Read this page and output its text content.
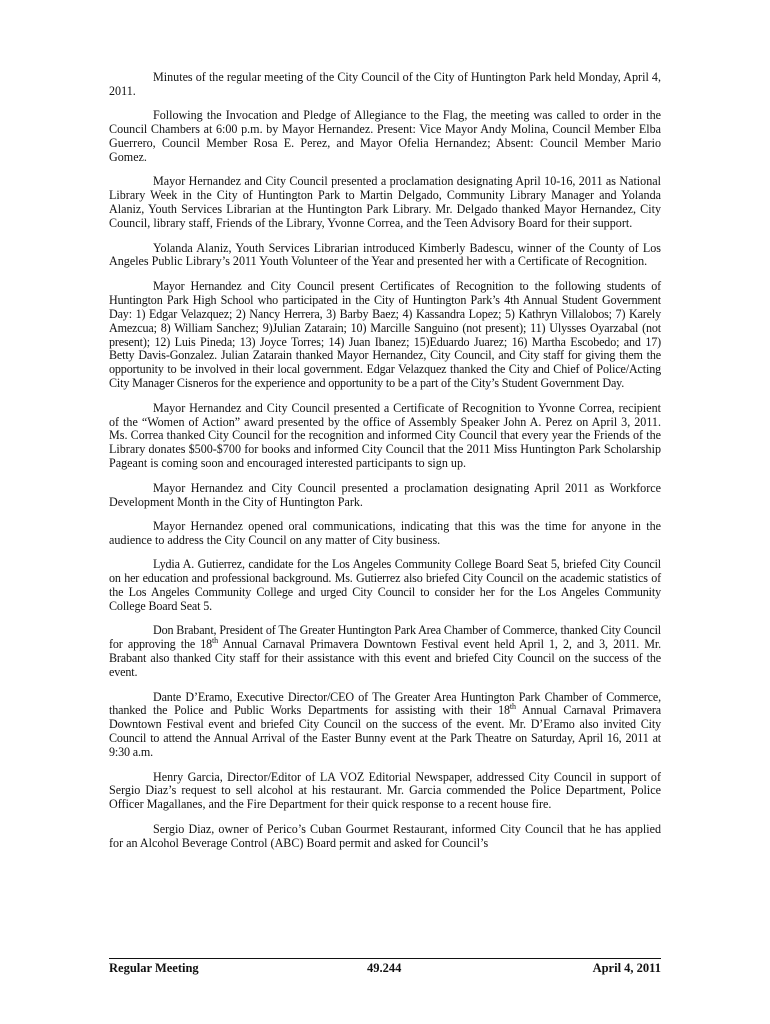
Minutes of the regular meeting of the City Council of the City of Huntington Park held Monday, April 4, 2011.

Following the Invocation and Pledge of Allegiance to the Flag, the meeting was called to order in the Council Chambers at 6:00 p.m. by Mayor Hernandez. Present: Vice Mayor Andy Molina, Council Member Elba Guerrero, Council Member Rosa E. Perez, and Mayor Ofelia Hernandez; Absent: Council Member Mario Gomez.

Mayor Hernandez and City Council presented a proclamation designating April 10-16, 2011 as National Library Week in the City of Huntington Park to Martin Delgado, Community Library Manager and Yolanda Alaniz, Youth Services Librarian at the Huntington Park Library. Mr. Delgado thanked Mayor Hernandez, City Council, library staff, Friends of the Library, Yvonne Correa, and the Teen Advisory Board for their support.

Yolanda Alaniz, Youth Services Librarian introduced Kimberly Badescu, winner of the County of Los Angeles Public Library’s 2011 Youth Volunteer of the Year and presented her with a Certificate of Recognition.

Mayor Hernandez and City Council present Certificates of Recognition to the following students of Huntington Park High School who participated in the City of Huntington Park’s 4th Annual Student Government Day: 1) Edgar Velazquez; 2) Nancy Herrera, 3) Barby Baez; 4) Kassandra Lopez; 5) Kathryn Villalobos; 7) Karely Amezcua; 8) William Sanchez; 9)Julian Zatarain; 10) Marcille Sanguino (not present); 11) Ulysses Oyarzabal (not present); 12) Luis Pineda; 13) Joyce Torres; 14) Juan Ibanez; 15)Eduardo Juarez; 16) Martha Escobedo; and 17) Betty Davis-Gonzalez. Julian Zatarain thanked Mayor Hernandez, City Council, and City staff for giving them the opportunity to be involved in their local government. Edgar Velazquez thanked the City and Chief of Police/Acting City Manager Cisneros for the experience and opportunity to be a part of the City’s Student Government Day.

Mayor Hernandez and City Council presented a Certificate of Recognition to Yvonne Correa, recipient of the “Women of Action” award presented by the office of Assembly Speaker John A. Perez on April 3, 2011. Ms. Correa thanked City Council for the recognition and informed City Council that every year the Friends of the Library donates $500-$700 for books and informed City Council that the 2011 Miss Huntington Park Scholarship Pageant is coming soon and encouraged interested participants to sign up.

Mayor Hernandez and City Council presented a proclamation designating April 2011 as Workforce Development Month in the City of Huntington Park.

Mayor Hernandez opened oral communications, indicating that this was the time for anyone in the audience to address the City Council on any matter of City business.

Lydia A. Gutierrez, candidate for the Los Angeles Community College Board Seat 5, briefed City Council on her education and professional background. Ms. Gutierrez also briefed City Council on the academic statistics of the Los Angeles Community College and urged City Council to consider her for the Los Angeles Community College Board Seat 5.

Don Brabant, President of The Greater Huntington Park Area Chamber of Commerce, thanked City Council for approving the 18th Annual Carnaval Primavera Downtown Festival event held April 1, 2, and 3, 2011. Mr. Brabant also thanked City staff for their assistance with this event and briefed City Council on the success of the event.

Dante D’Eramo, Executive Director/CEO of The Greater Area Huntington Park Chamber of Commerce, thanked the Police and Public Works Departments for assisting with their 18th Annual Carnaval Primavera Downtown Festival event and briefed City Council on the success of the event. Mr. D’Eramo also invited City Council to attend the Annual Arrival of the Easter Bunny event at the Park Theatre on Saturday, April 16, 2011 at 9:30 a.m.

Henry Garcia, Director/Editor of LA VOZ Editorial Newspaper, addressed City Council in support of Sergio Diaz’s request to sell alcohol at his restaurant. Mr. Garcia commended the Police Department, Police Officer Magallanes, and the Fire Department for their quick response to a recent house fire.

Sergio Diaz, owner of Perico’s Cuban Gourmet Restaurant, informed City Council that he has applied for an Alcohol Beverage Control (ABC) Board permit and asked for Council’s

Regular Meeting	49.244	April 4, 2011
